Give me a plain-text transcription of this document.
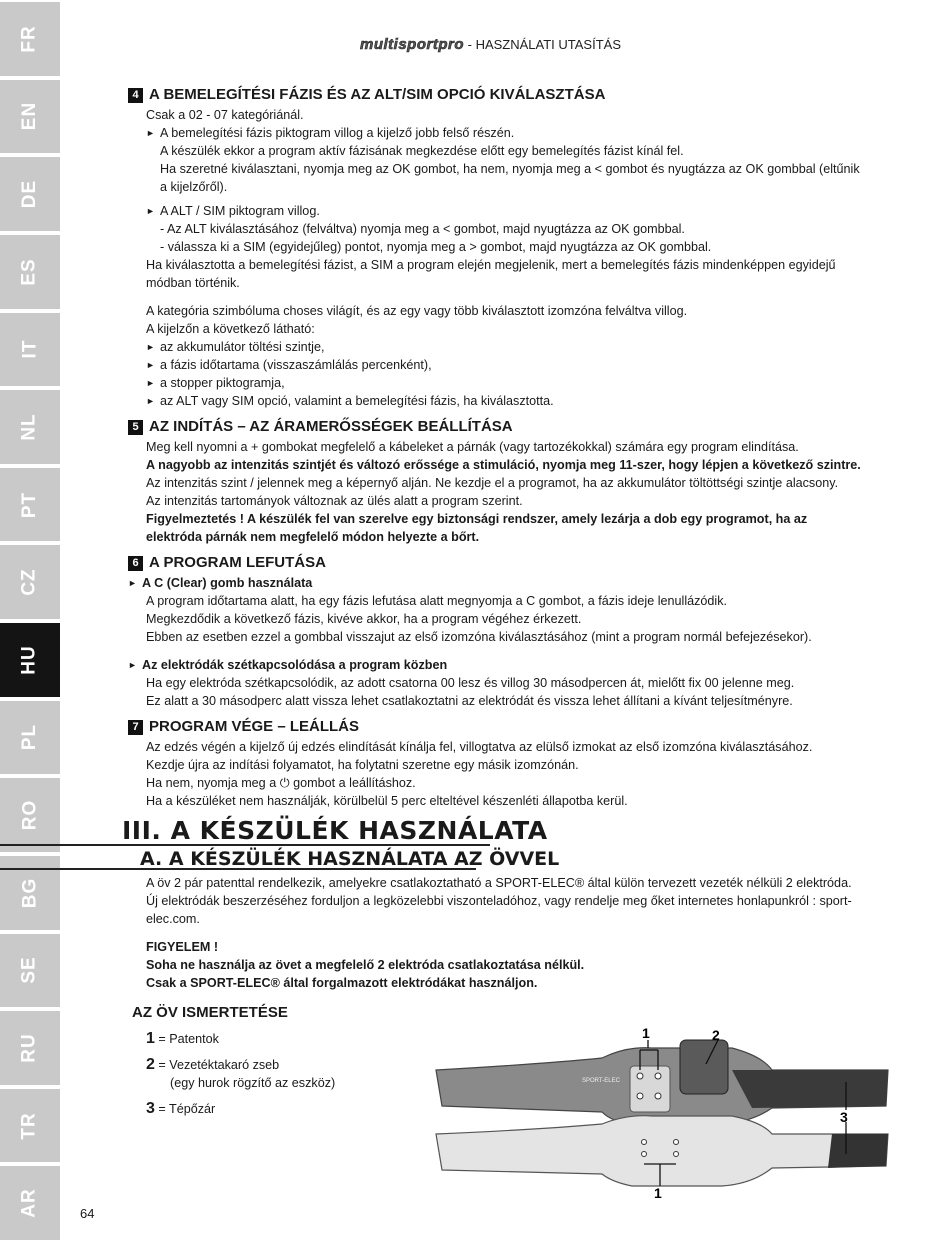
FR
EN
DE
ES
IT
NL
PT
CZ
HU
PL
RO
BG
SE
RU
TR
AR
multisportpro - HASZNÁLATI UTASÍTÁS
4 A BEMELEGÍTÉSI FÁZIS ÉS AZ ALT/SIM OPCIÓ KIVÁLASZTÁSA

Csak a 02 - 07 kategóriánál.

► A bemelegítési fázis piktogram villog a kijelző jobb felső részén.

A készülék ekkor a program aktív fázisának megkezdése előtt egy bemelegítés fázist kínál fel.

Ha szeretné kiválasztani, nyomja meg az OK gombot, ha nem, nyomja meg a < gombot és nyugtázza az OK gombbal (eltűnik

a kijelzőről).

► A ALT / SIM piktogram villog.

- Az ALT kiválasztásához (felváltva) nyomja meg a < gombot, majd nyugtázza az OK gombbal.

- válassza ki a SIM (egyidejűleg) pontot, nyomja meg a > gombot, majd nyugtázza az OK gombbal.

Ha kiválasztotta a bemelegítési fázist, a SIM a program elején megjelenik, mert a bemelegítés fázis mindenképpen egyidejű

módban történik.

A kategória szimbóluma choses világít, és az egy vagy több kiválasztott izomzóna felváltva villog.

A kijelzőn a következő látható:

► az akkumulátor töltési szintje,

► a fázis időtartama (visszaszámlálás percenként),

► a stopper piktogramja,

► az ALT vagy SIM opció, valamint a bemelegítési fázis, ha kiválasztotta.

5 AZ INDÍTÁS – AZ ÁRAMERŐSSÉGEK BEÁLLÍTÁSA

Meg kell nyomni a + gombokat megfelelő a kábeleket a párnák (vagy tartozékokkal) számára egy program elindítása.

A nagyobb az intenzitás szintjét és változó erőssége a stimuláció, nyomja meg 11-szer, hogy lépjen a következő szintre.

Az intenzitás szint / jelennek meg a képernyő alján. Ne kezdje el a programot, ha az akkumulátor töltöttségi szintje alacsony.

Az intenzitás tartományok változnak az ülés alatt a program szerint.

Figyelmeztetés ! A készülék fel van szerelve egy biztonsági rendszer, amely lezárja a dob egy programot, ha az

elektróda párnák nem megfelelő módon helyezte a bőrt.

6 A PROGRAM LEFUTÁSA

► A C (Clear) gomb használata

A program időtartama alatt, ha egy fázis lefutása alatt megnyomja a C gombot, a fázis ideje lenullázódik.

Megkezdődik a következő fázis, kivéve akkor, ha a program végéhez érkezett.

Ebben az esetben ezzel a gombbal visszajut az első izomzóna kiválasztásához (mint a program normál befejezésekor).

► Az elektródák szétkapcsolódása a program közben

Ha egy elektróda szétkapcsolódik, az adott csatorna 00 lesz és villog 30 másodpercen át, mielőtt fix 00 jelenne meg.

Ez alatt a 30 másodperc alatt vissza lehet csatlakoztatni az elektródát és vissza lehet állítani a kívánt teljesítményre.

7 PROGRAM VÉGE – LEÁLLÁS

Az edzés végén a kijelző új edzés elindítását kínálja fel, villogtatva az elülső izmokat az első izomzóna kiválasztásához.

Kezdje újra az indítási folyamatot, ha folytatni szeretne egy másik izomzónán.

Ha nem, nyomja meg a ⏻ gombot a leállításhoz.

Ha a készüléket nem használják, körülbelül 5 perc elteltével készenléti állapotba kerül.

III. A KÉSZÜLÉK HASZNÁLATA
A. A KÉSZÜLÉK HASZNÁLATA AZ ÖVVEL

A öv 2 pár patenttal rendelkezik, amelyekre csatlakoztatható a SPORT-ELEC® által külön tervezett vezeték nélküli 2 elektróda.

Új elektródák beszerzéséhez forduljon a legközelebbi viszonteladóhoz, vagy rendelje meg őket internetes honlapunkról : sport-elec.com.

FIGYELEM !

Soha ne használja az övet a megfelelő 2 elektróda csatlakoztatása nélkül.

Csak a SPORT-ELEC® által forgalmazott elektródákat használjon.

AZ ÖV ISMERTETÉSE
1 = Patentok
2 = Vezetéktakaró zseb
(egy hurok rögzítő az eszköz)
3 = Tépőzár
SPORT-ELEC
1	2
3
1
64
